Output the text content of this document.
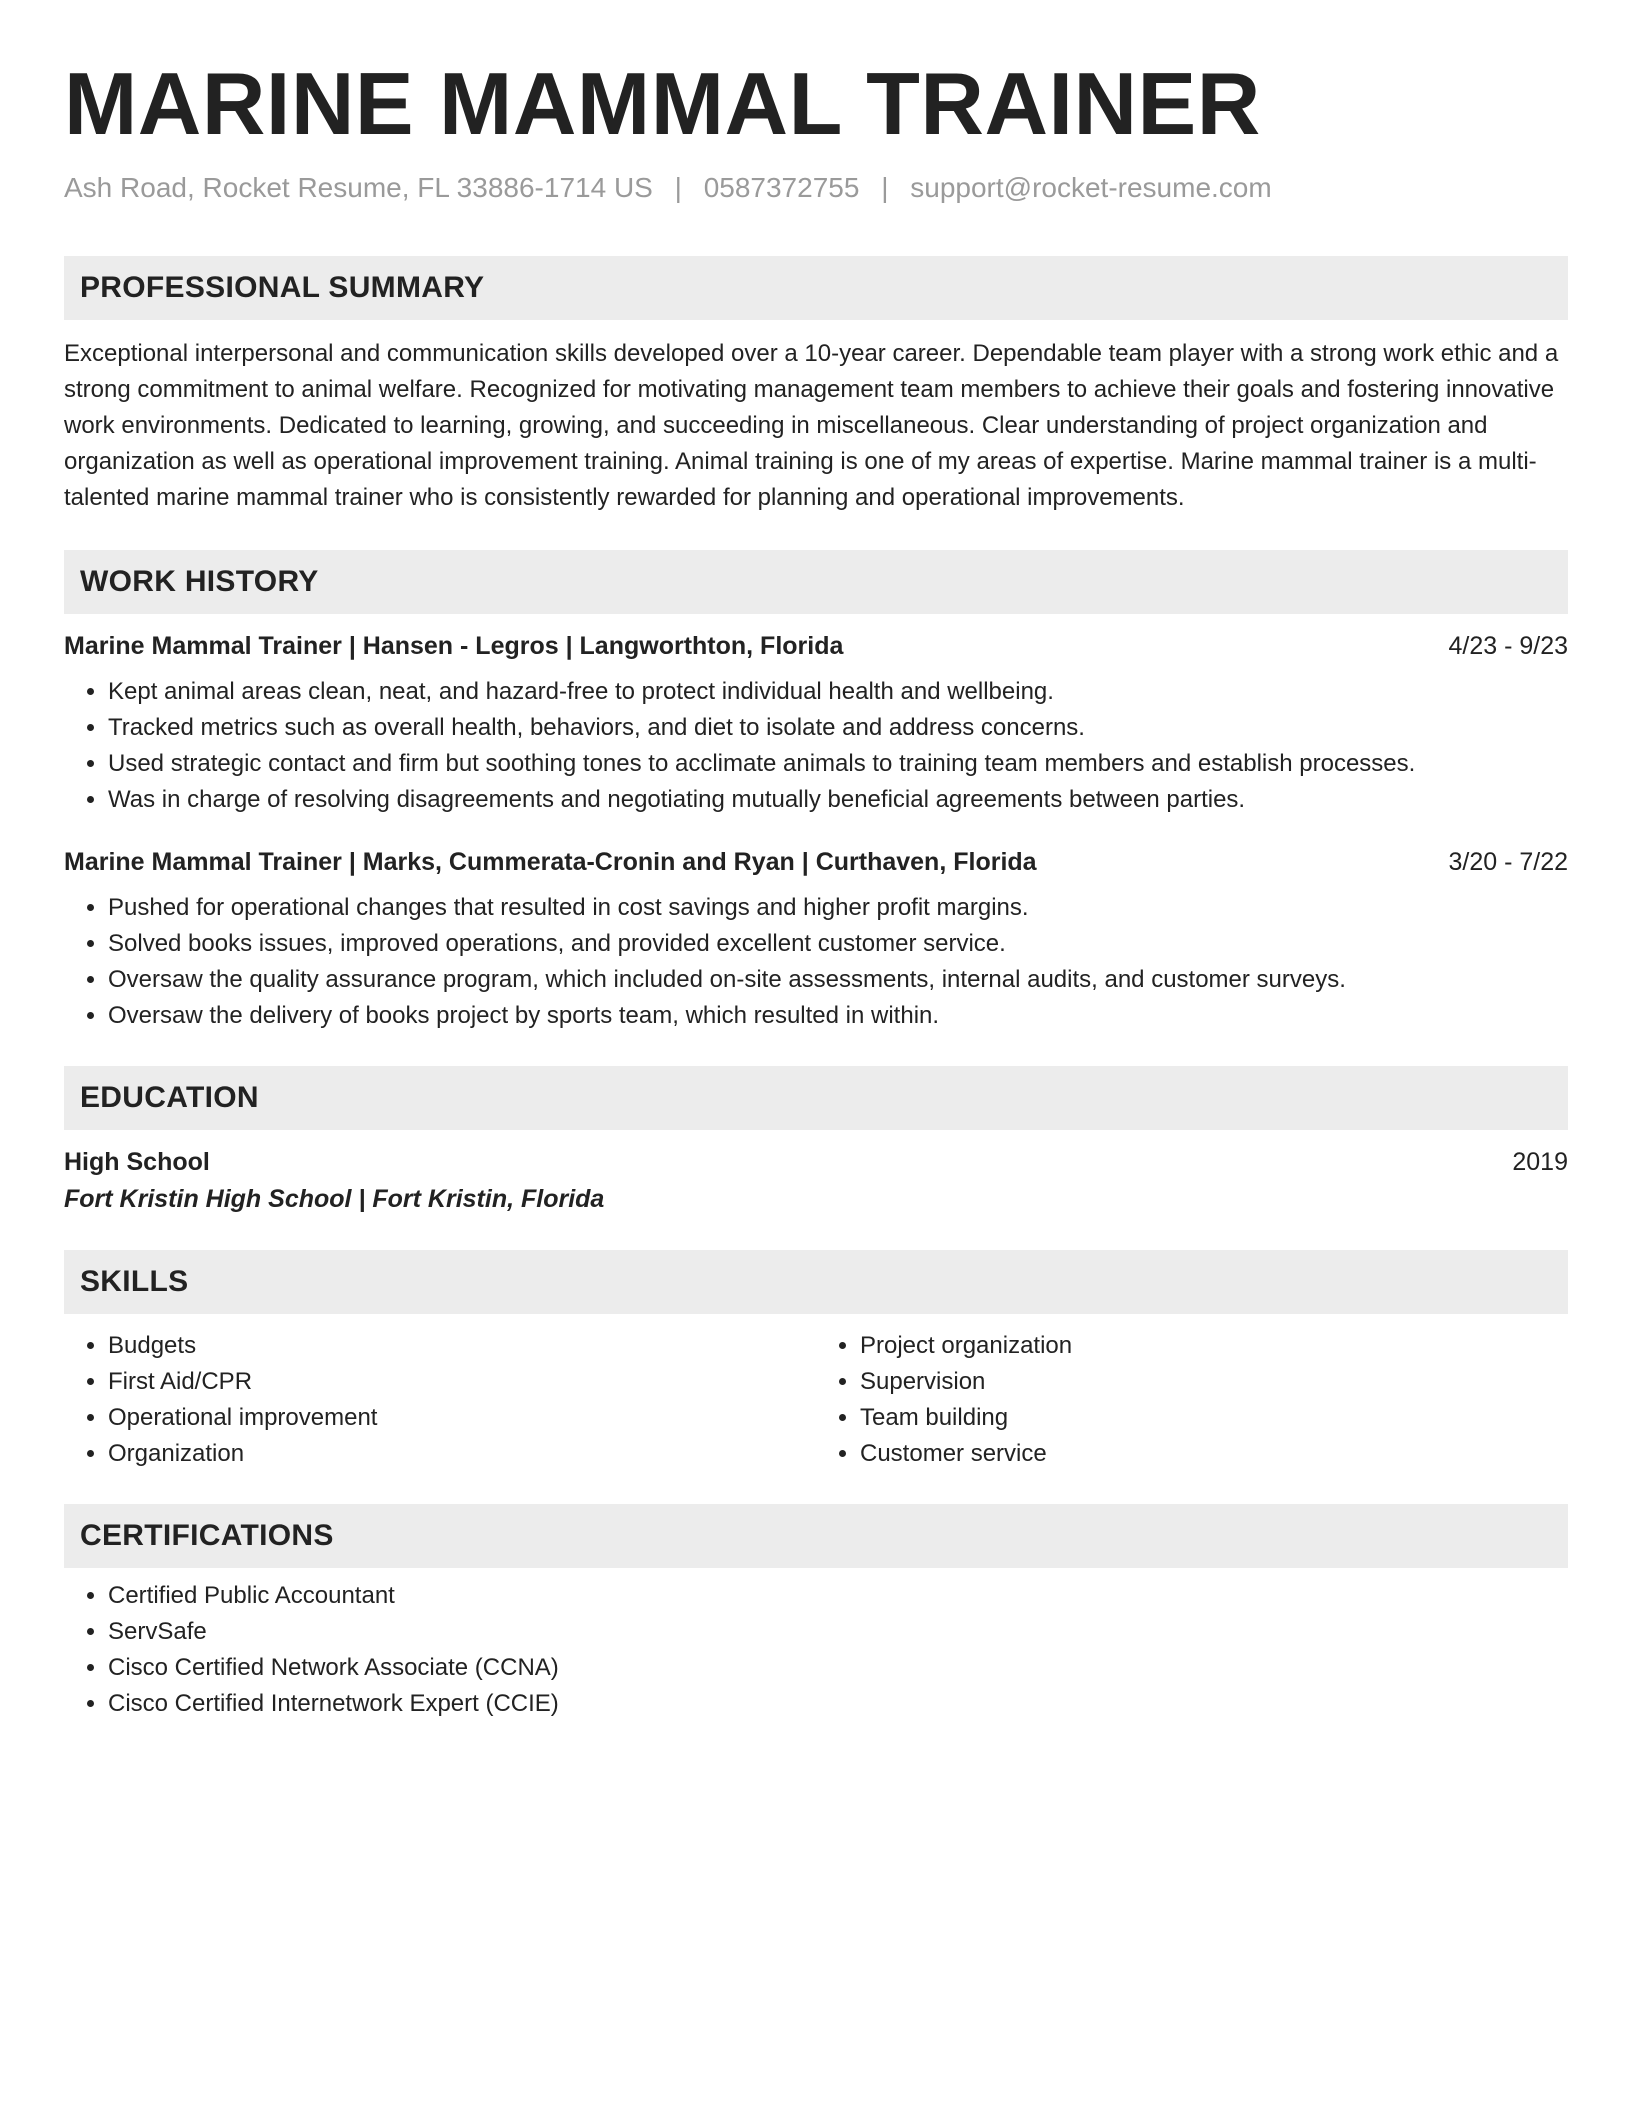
MARINE MAMMAL TRAINER
Ash Road, Rocket Resume, FL 33886-1714 US | 0587372755 | support@rocket-resume.com
PROFESSIONAL SUMMARY
Exceptional interpersonal and communication skills developed over a 10-year career. Dependable team player with a strong work ethic and a strong commitment to animal welfare. Recognized for motivating management team members to achieve their goals and fostering innovative work environments. Dedicated to learning, growing, and succeeding in miscellaneous. Clear understanding of project organization and organization as well as operational improvement training. Animal training is one of my areas of expertise. Marine mammal trainer is a multi-talented marine mammal trainer who is consistently rewarded for planning and operational improvements.
WORK HISTORY
Marine Mammal Trainer | Hansen - Legros | Langworthton, Florida	4/23 - 9/23
• Kept animal areas clean, neat, and hazard-free to protect individual health and wellbeing.
• Tracked metrics such as overall health, behaviors, and diet to isolate and address concerns.
• Used strategic contact and firm but soothing tones to acclimate animals to training team members and establish processes.
• Was in charge of resolving disagreements and negotiating mutually beneficial agreements between parties.
Marine Mammal Trainer | Marks, Cummerata-Cronin and Ryan | Curthaven, Florida	3/20 - 7/22
• Pushed for operational changes that resulted in cost savings and higher profit margins.
• Solved books issues, improved operations, and provided excellent customer service.
• Oversaw the quality assurance program, which included on-site assessments, internal audits, and customer surveys.
• Oversaw the delivery of books project by sports team, which resulted in within.
EDUCATION
High School	2019
Fort Kristin High School | Fort Kristin, Florida
SKILLS
• Budgets
• First Aid/CPR
• Operational improvement
• Organization
• Project organization
• Supervision
• Team building
• Customer service
CERTIFICATIONS
• Certified Public Accountant
• ServSafe
• Cisco Certified Network Associate (CCNA)
• Cisco Certified Internetwork Expert (CCIE)
